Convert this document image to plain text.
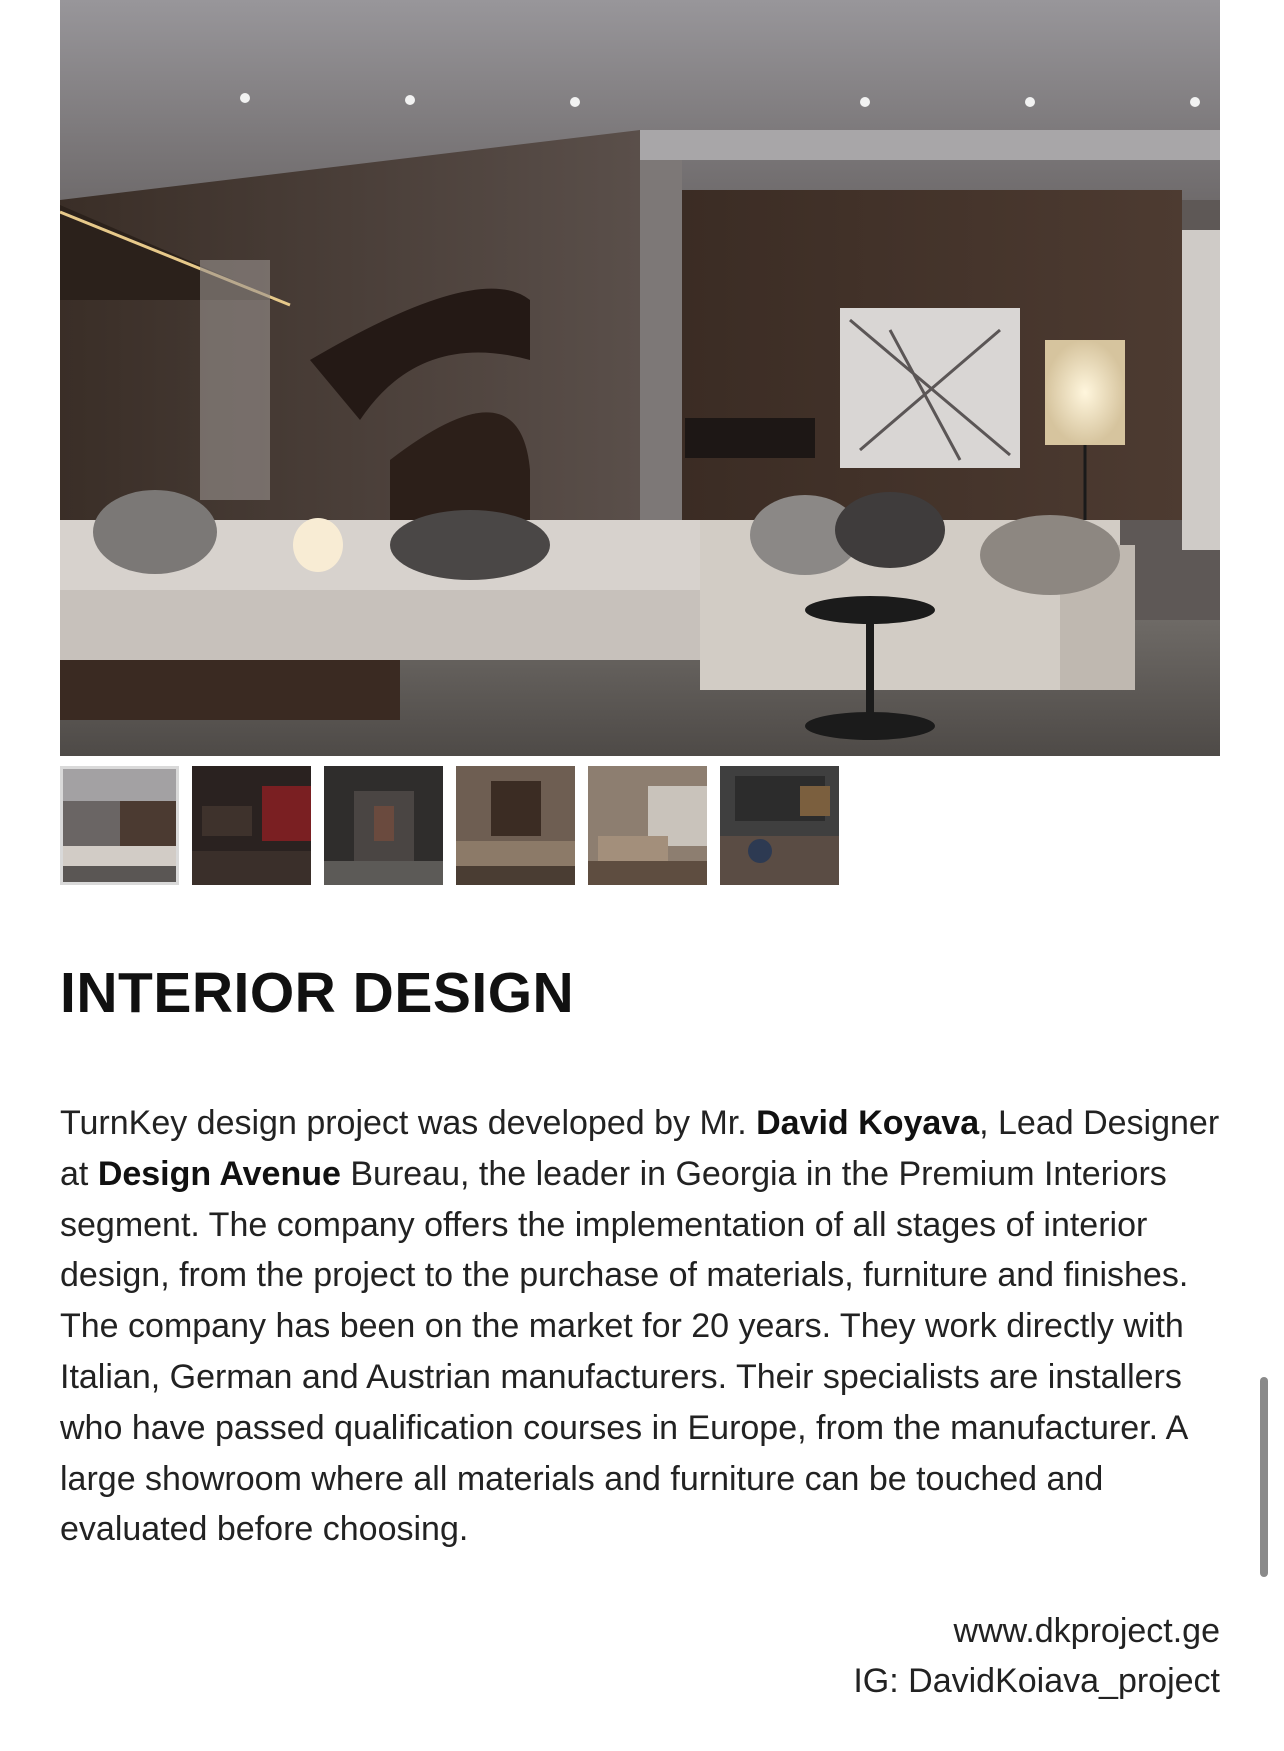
INTERIOR DESIGN

TurnKey design project was developed by Mr. David Koyava, Lead Designer at Design Avenue Bureau, the leader in Georgia in the Premium Interiors segment. The company offers the implementation of all stages of interior design, from the project to the purchase of materials, furniture and finishes. The company has been on the market for 20 years. They work directly with Italian, German and Austrian manufacturers. Their specialists are installers who have passed qualification courses in Europe, from the manufacturer. A large showroom where all materials and furniture can be touched and evaluated before choosing.

www.dkproject.ge
IG: DavidKoiava_project
